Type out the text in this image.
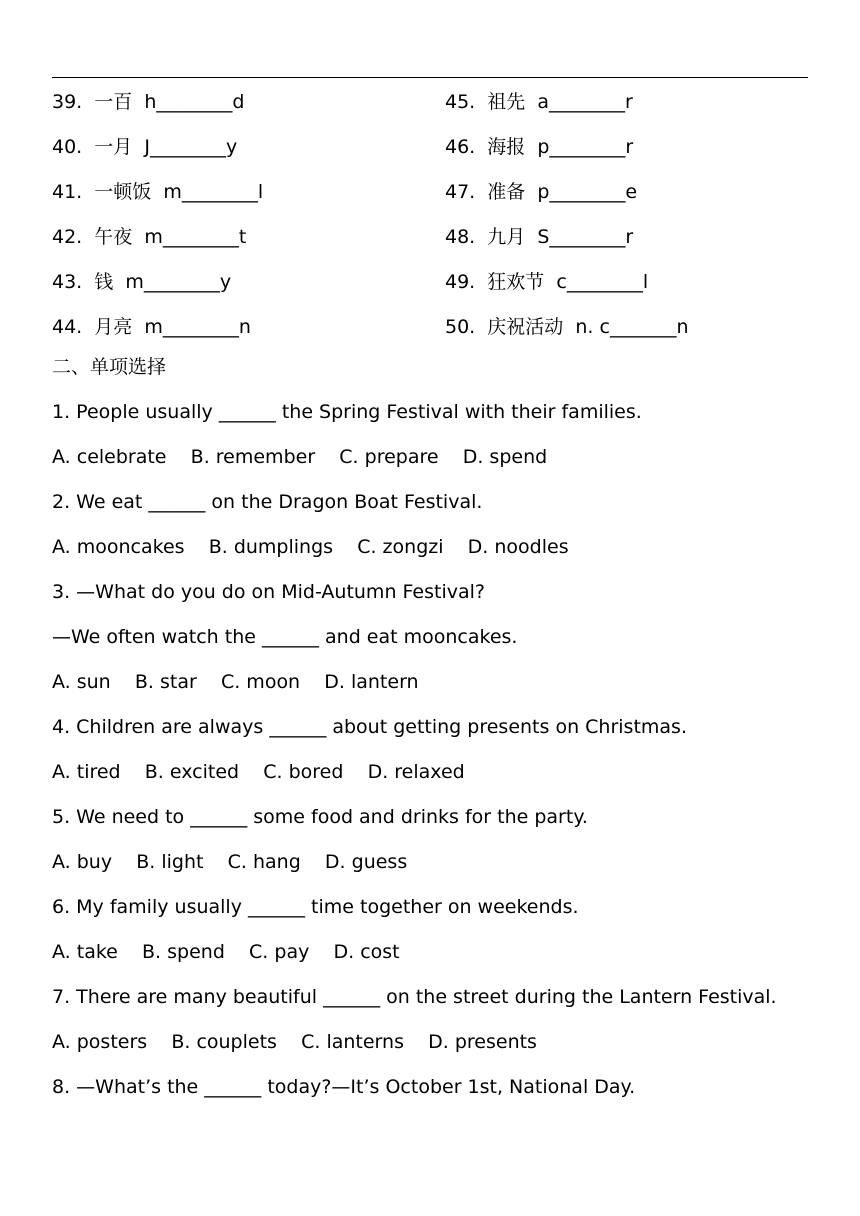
39.  一百  h________d
40.  一月  J________y
41.  一顿饭  m________l
42.  午夜  m________t
43.  钱  m________y
44.  月亮  m________n
45.  祖先  a________r
46.  海报  p________r
47.  准备  p________e
48.  九月  S________r
49.  狂欢节  c________l
50.  庆祝活动  n. c_______n
二、单项选择
1. People usually ______ the Spring Festival with their families.
A. celebrate    B. remember    C. prepare    D. spend
2. We eat ______ on the Dragon Boat Festival.
A. mooncakes    B. dumplings    C. zongzi    D. noodles
3. —What do you do on Mid-Autumn Festival?
—We often watch the ______ and eat mooncakes.
A. sun    B. star    C. moon    D. lantern
4. Children are always ______ about getting presents on Christmas.
A. tired    B. excited    C. bored    D. relaxed
5. We need to ______ some food and drinks for the party.
A. buy    B. light    C. hang    D. guess
6. My family usually ______ time together on weekends.
A. take    B. spend    C. pay    D. cost
7. There are many beautiful ______ on the street during the Lantern Festival.
A. posters    B. couplets    C. lanterns    D. presents
8. —What’s the ______ today?—It’s October 1st, National Day.
